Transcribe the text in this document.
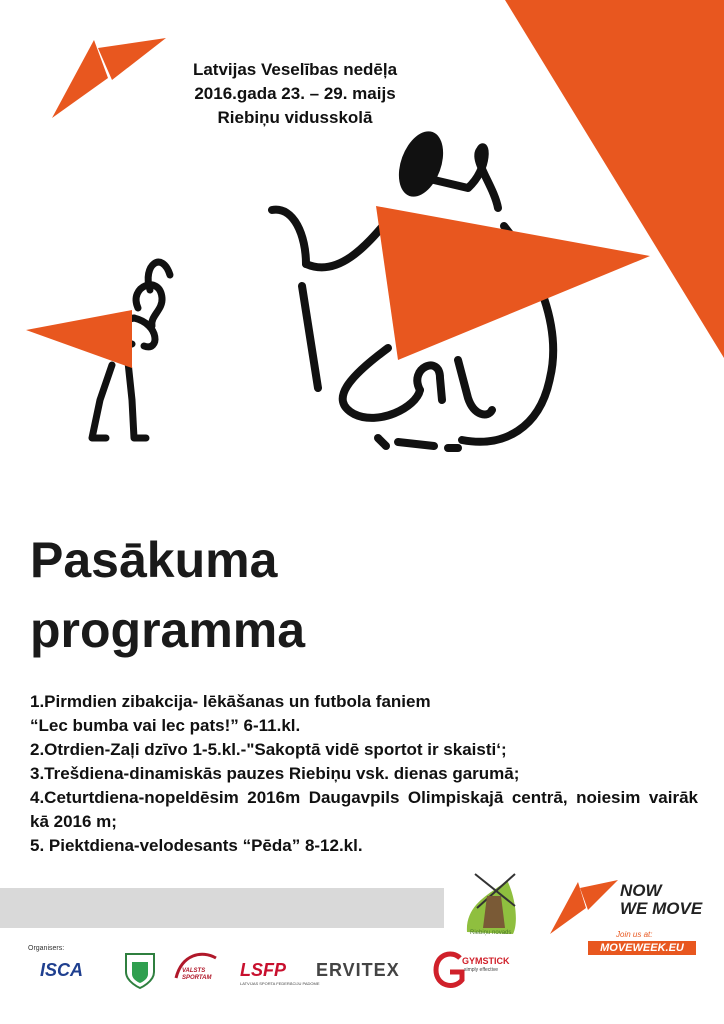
Latvijas Veselības nedēļa
2016.gada 23. – 29. maijs
Riebiņu vidusskolā
Pasākuma
programma
1.Pirmdien zibakcija- lēkāšanas un futbola faniem
“Lec bumba vai lec pats!” 6-11.kl.
2.Otrdien-Zaļi dzīvo 1-5.kl.-"Sakoptā vidē sportot ir skaisti‘;
3.Trešdiena-dinamiskās pauzes Riebiņu vsk. dienas garumā;
4.Ceturtdiena-nopeldēsim 2016m Daugavpils Olimpiskajā centrā, noiesim vairāk kā 2016 m;
5. Piektdiena-velodesants “Pēda” 8-12.kl.
Riebiņu novads
NOW
WE MOVE
Join us at:
MOVEWEEK.EU
Organisers:
ISCA	VALSTS SPORTAM LSFP
LATVIJAS SPORTA FEDERĀCIJU PADOME
ERVITEX	GYMSTICK
simply effective
